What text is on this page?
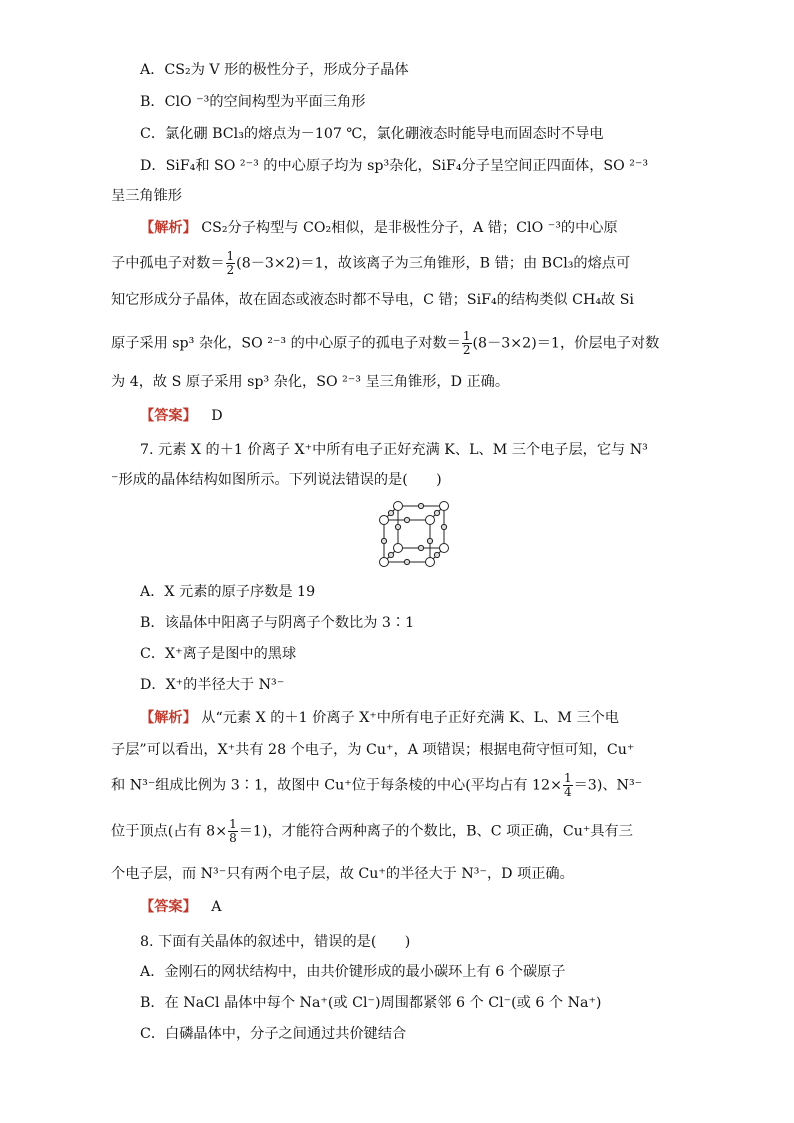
A．CS₂为 V 形的极性分子，形成分子晶体
B．ClO ⁻³的空间构型为平面三角形
C．氯化硼 BCl₃的熔点为－107 ℃，氯化硼液态时能导电而固态时不导电
D．SiF₄和 SO ²⁻³ 的中心原子均为 sp³杂化，SiF₄分子呈空间正四面体，SO ²⁻³
呈三角锥形
【解析】 CS₂分子构型与 CO₂相似，是非极性分子，A 错；ClO ⁻³的中心原
子中孤电子对数＝ $\frac{1}{2} (8-3\times 2)=1$，故该离子为三角锥形，B 错；由 BCl₃的熔点可
知它形成分子晶体，故在固态或液态时都不导电，C 错；SiF₄的结构类似 CH₄故 Si
原子采用 sp³ 杂化，SO ²⁻³ 的中心原子的孤电子对数＝ $\frac{1}{2} (8-3\times 2)=1$，价层电子对数
为 4，故 S 原子采用 sp³ 杂化，SO ²⁻³ 呈三角锥形，D 正确。
【答案】 D
7. 元素 X 的＋1 价离子 X⁺中所有电子正好充满 K、L、M 三个电子层，它与 N³
⁻形成的晶体结构如图所示。下列说法错误的是(　　)
A．X 元素的原子序数是 19
B．该晶体中阳离子与阴离子个数比为 3∶1
C．X⁺离子是图中的黑球
D．X⁺的半径大于 N³⁻
【解析】 从“元素 X 的＋1 价离子 X⁺中所有电子正好充满 K、L、M 三个电
子层”可以看出，X⁺共有 28 个电子，为 Cu⁺，A 项错误；根据电荷守恒可知，Cu⁺
和 N³⁻组成比例为 3∶1，故图中 Cu⁺位于每条棱的中心(平均占有 $12\times \frac{1}{4} =3$)、N³⁻
位于顶点(占有 $8\times \frac{1}{8} =1$)，才能符合两种离子的个数比，B、C 项正确，Cu⁺具有三
个电子层，而 N³⁻只有两个电子层，故 Cu⁺的半径大于 N³⁻，D 项正确。
【答案】 A
8. 下面有关晶体的叙述中，错误的是(　　)
A．金刚石的网状结构中，由共价键形成的最小碳环上有 6 个碳原子
B．在 NaCl 晶体中每个 Na⁺(或 Cl⁻)周围都紧邻 6 个 Cl⁻(或 6 个 Na⁺)
C．白磷晶体中，分子之间通过共价键结合
